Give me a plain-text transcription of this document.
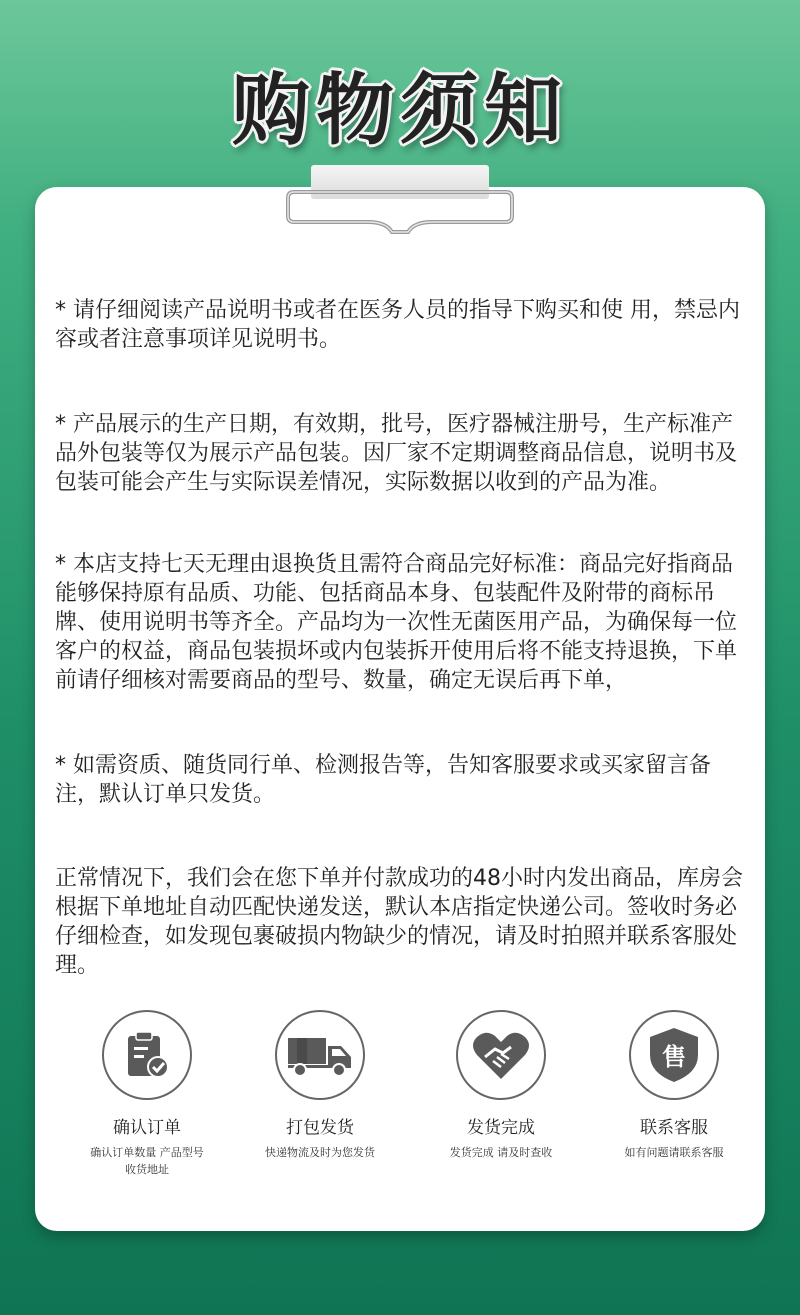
购物须知

* 请仔细阅读产品说明书或者在医务人员的指导下购买和使 用，禁忌内容或者注意事项详见说明书。

* 产品展示的生产日期，有效期，批号，医疗器械注册号，生产标准产品外包装等仅为展示产品包装。因厂家不定期调整商品信息，说明书及包装可能会产生与实际误差情况，实际数据以收到的产品为准。

* 本店支持七天无理由退换货且需符合商品完好标准：商品完好指商品能够保持原有品质、功能、包括商品本身、包装配件及附带的商标吊牌、使用说明书等齐全。产品均为一次性无菌医用产品，为确保每一位客户的权益，商品包装损坏或内包装拆开使用后将不能支持退换，下单前请仔细核对需要商品的型号、数量，确定无误后再下单，

* 如需资质、随货同行单、检测报告等，告知客服要求或买家留言备注，默认订单只发货。

正常情况下，我们会在您下单并付款成功的48小时内发出商品，库房会根据下单地址自动匹配快递发送，默认本店指定快递公司。签收时务必仔细检查，如发现包裹破损内物缺少的情况，请及时拍照并联系客服处理。

确认订单
确认订单数量 产品型号
收货地址
打包发货
快递物流及时为您发货
发货完成
发货完成 请及时查收
售
联系客服
如有问题请联系客服
